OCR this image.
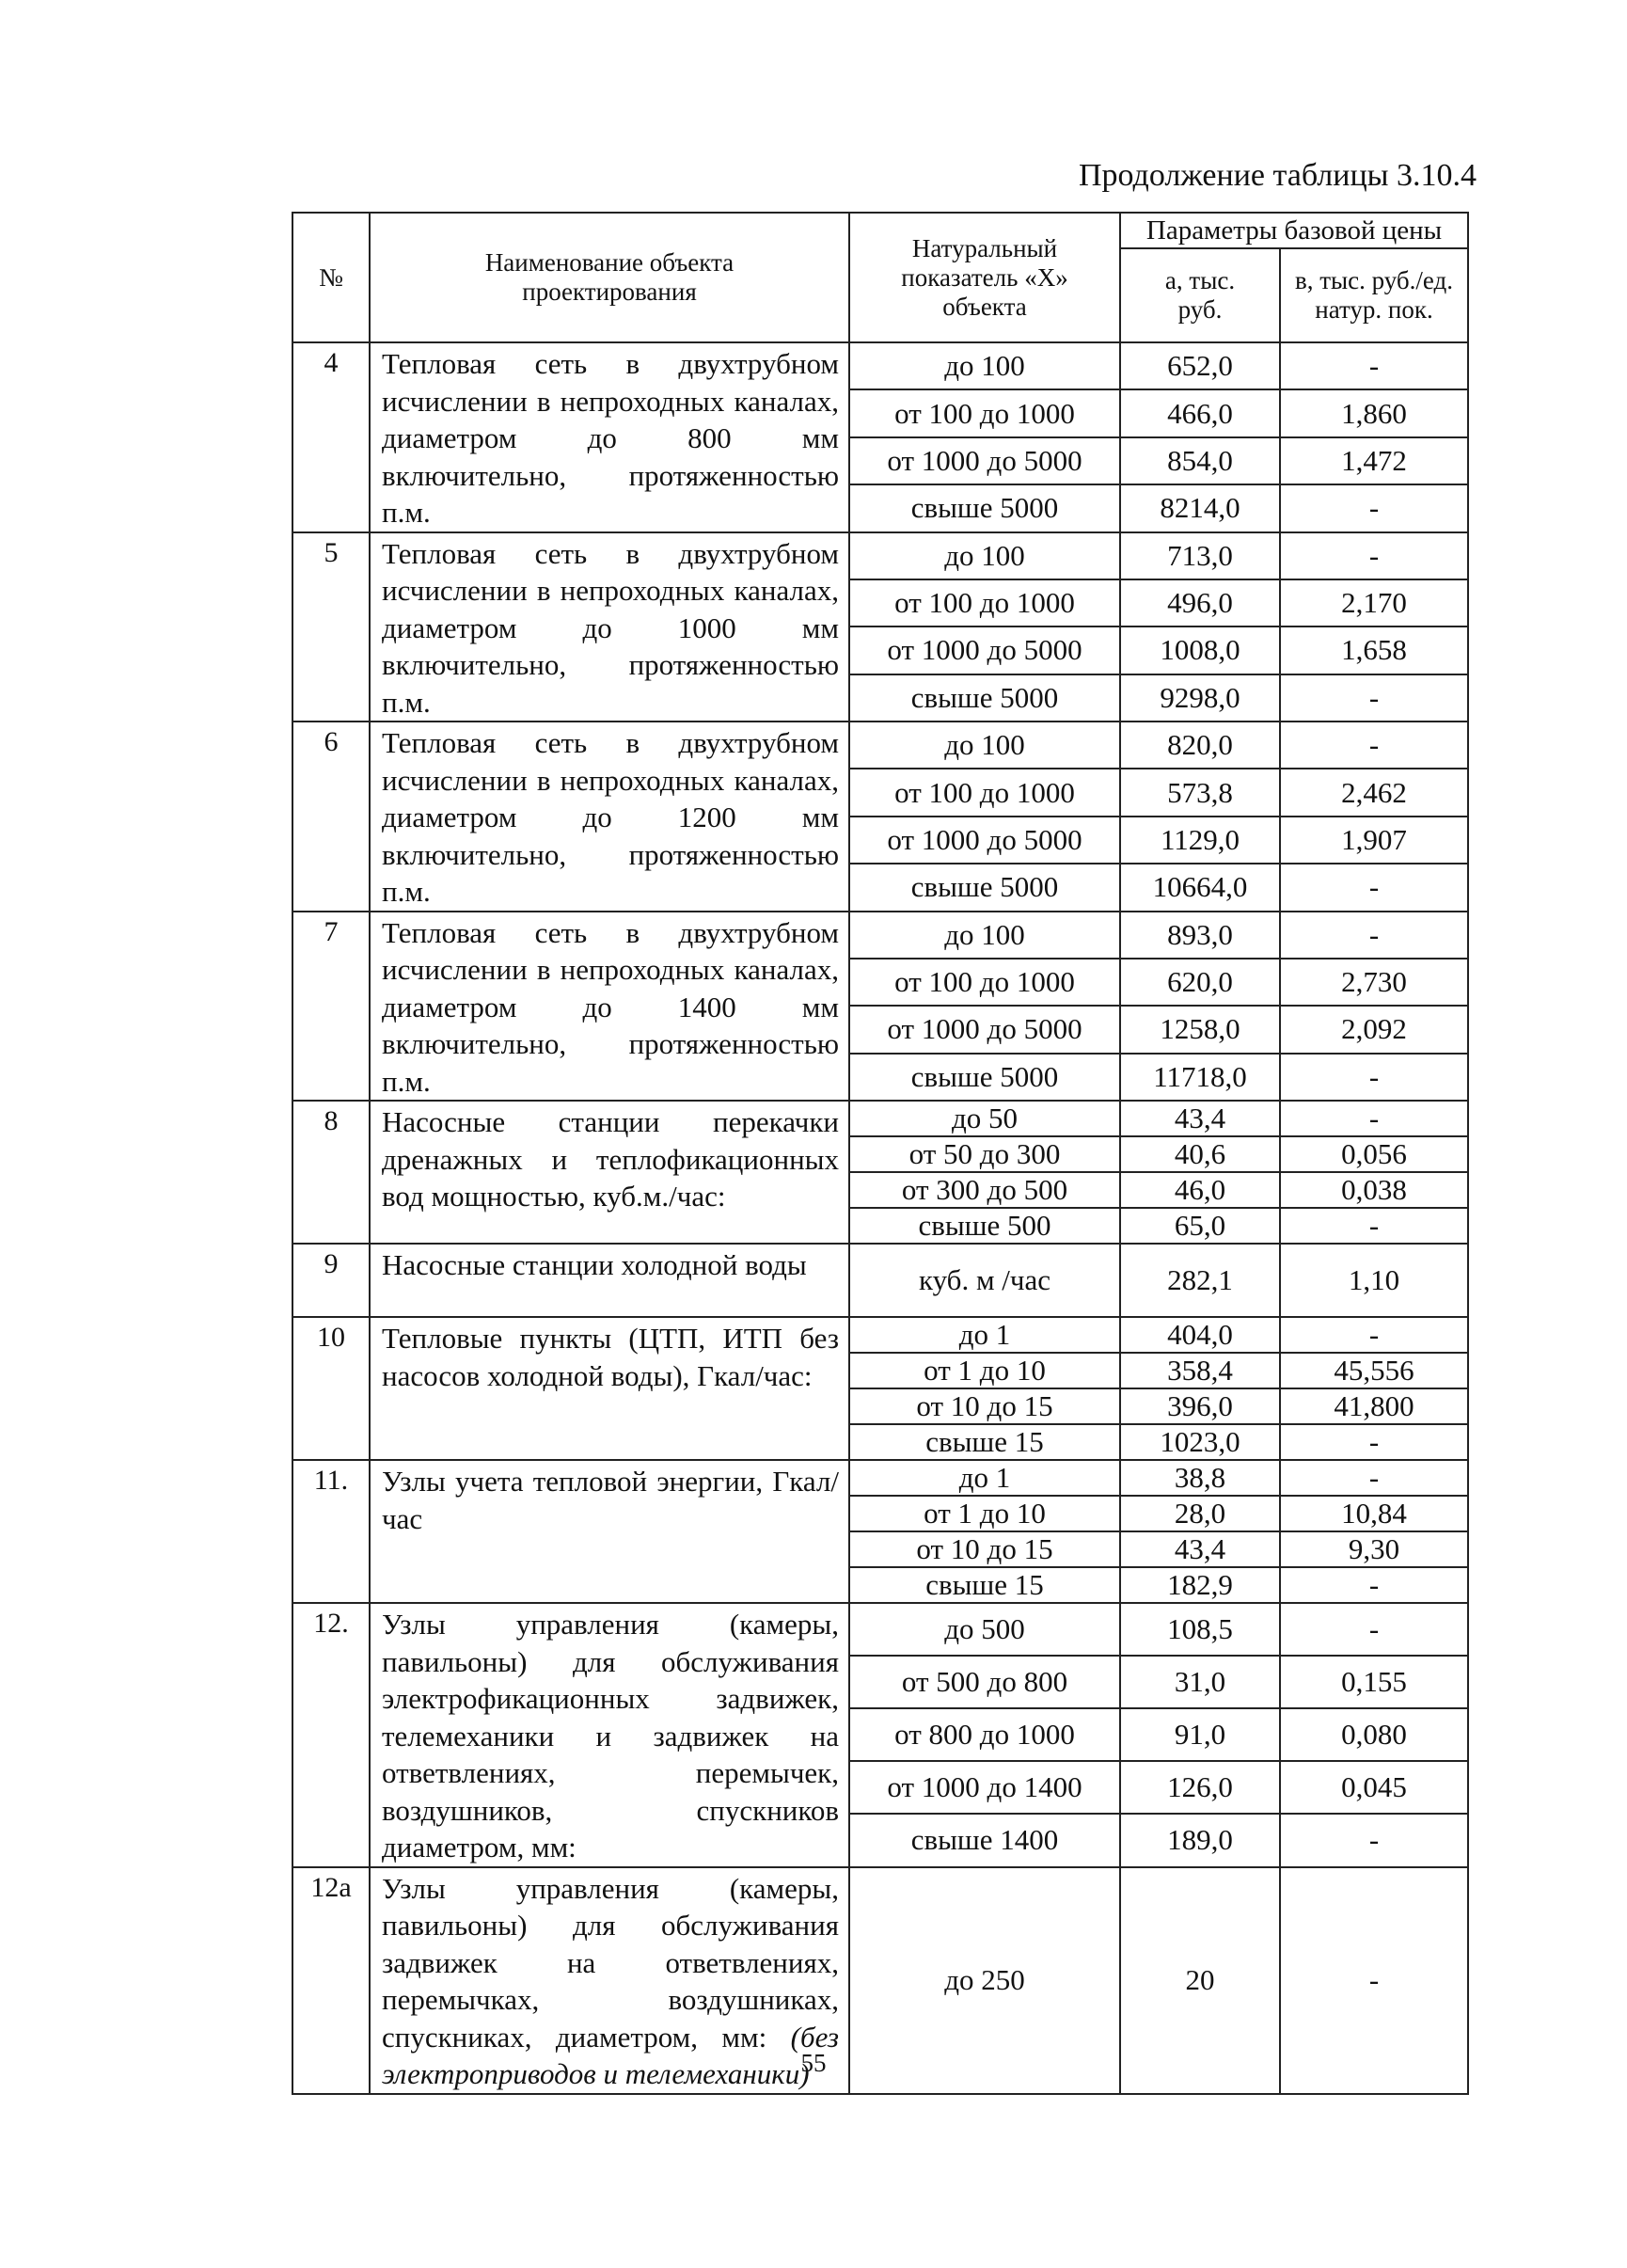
Продолжение таблицы 3.10.4
№	Наименование объекта проектирования	Натуральный показатель «Х» объекта	Параметры базовой цены	

			а, тыс. руб.	в, тыс. руб./ед. натур. пок.

4	Тепловая сеть в двухтрубном исчислении в непроходных каналах, диаметром до 800 мм включительно, протяженностью п.м.	до 100	652,0	-
		от 100 до 1000	466,0	1,860
		от 1000 до 5000	854,0	1,472
		свыше 5000	8214,0	-
5	Тепловая сеть в двухтрубном исчислении в непроходных каналах, диаметром до 1000 мм включительно, протяженностью п.м.	до 100	713,0	-
		от 100 до 1000	496,0	2,170
		от 1000 до 5000	1008,0	1,658
		свыше 5000	9298,0	-
6	Тепловая сеть в двухтрубном исчислении в непроходных каналах, диаметром до 1200 мм включительно, протяженностью п.м.	до 100	820,0	-
		от 100 до 1000	573,8	2,462
		от 1000 до 5000	1129,0	1,907
		свыше 5000	10664,0	-
7	Тепловая сеть в двухтрубном исчислении в непроходных каналах, диаметром до 1400 мм включительно, протяженностью п.м.	до 100	893,0	-
		от 100 до 1000	620,0	2,730
		от 1000 до 5000	1258,0	2,092
		свыше 5000	11718,0	-
8	Насосные станции перекачки дренажных и теплофикационных вод мощностью, куб.м./час:	до 50	43,4	-
		от 50 до 300	40,6	0,056
		от 300 до 500	46,0	0,038
		свыше 500	65,0	-
9	Насосные станции холодной воды	куб. м /час	282,1	1,10
10	Тепловые пункты (ЦТП, ИТП без насосов холодной воды), Гкал/час:	до 1	404,0	-
		от 1 до 10	358,4	45,556
		от 10 до 15	396,0	41,800
		свыше 15	1023,0	-
11.	Узлы учета тепловой энергии, Гкал/час	до 1	38,8	-
		от 1 до 10	28,0	10,84
		от 10 до 15	43,4	9,30
		свыше 15	182,9	-
12.	Узлы управления (камеры, павильоны) для обслуживания электрофикационных задвижек, телемеханики и задвижек на ответвлениях, перемычек, воздушников, спускников диаметром, мм:	до 500	108,5	-
		от 500 до 800	31,0	0,155
		от 800 до 1000	91,0	0,080
		от 1000 до 1400	126,0	0,045
		свыше 1400	189,0	-
12а	Узлы управления (камеры, павильоны) для обслуживания задвижек на ответвлениях, перемычках, воздушниках, спускниках, диаметром, мм: (без электроприводов и телемеханики)	до 250	20	-
55
